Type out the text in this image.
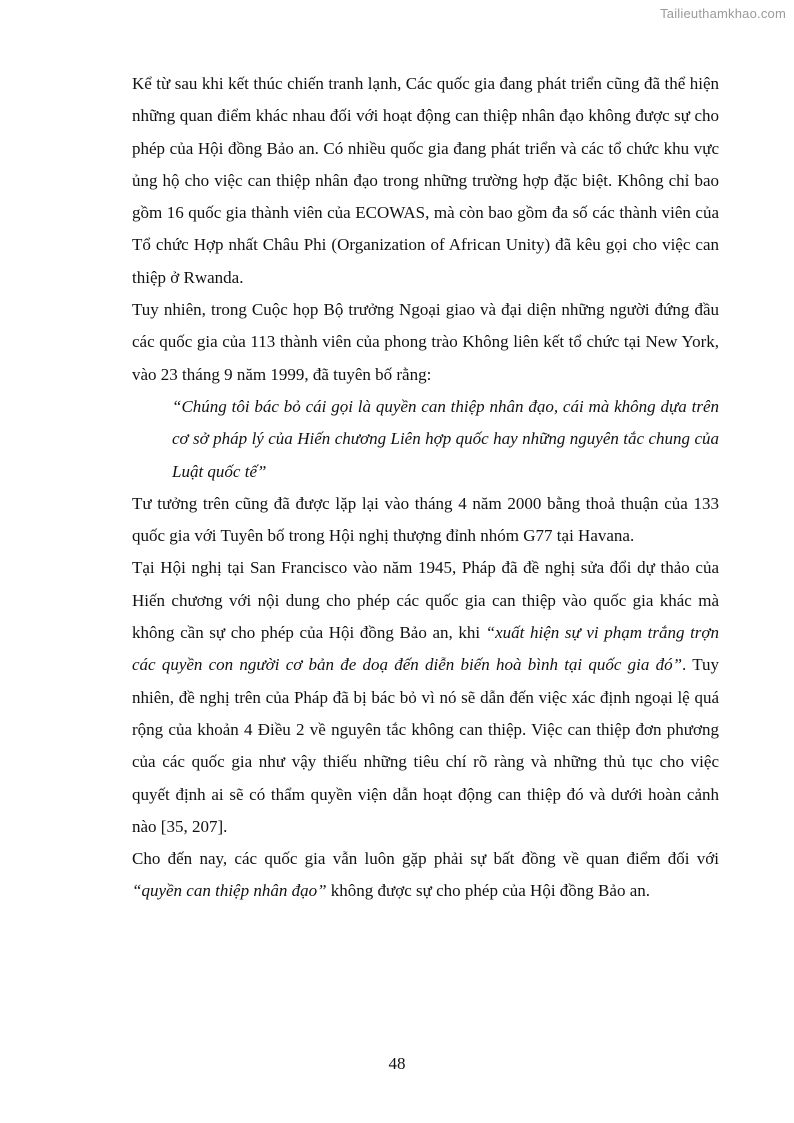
Tailieuthamkhao.com

Kể từ sau khi kết thúc chiến tranh lạnh, Các quốc gia đang phát triển cũng đã thể hiện những quan điểm khác nhau đối với hoạt động can thiệp nhân đạo không được sự cho phép của Hội đồng Bảo an. Có nhiều quốc gia đang phát triển và các tổ chức khu vực ủng hộ cho việc can thiệp nhân đạo trong những trường hợp đặc biệt. Không chỉ bao gồm 16 quốc gia thành viên của ECOWAS, mà còn bao gồm đa số các thành viên của Tổ chức Hợp nhất Châu Phi (Organization of African Unity) đã kêu gọi cho việc can thiệp ở Rwanda.

Tuy nhiên, trong Cuộc họp Bộ trưởng Ngoại giao và đại diện những người đứng đầu các quốc gia của 113 thành viên của phong trào Không liên kết tổ chức tại New York, vào 23 tháng 9 năm 1999, đã tuyên bố rằng:

“Chúng tôi bác bỏ cái gọi là quyền can thiệp nhân đạo, cái mà không dựa trên cơ sở pháp lý của Hiến chương Liên hợp quốc hay những nguyên tắc chung của Luật quốc tế”

Tư tưởng trên cũng đã được lặp lại vào tháng 4 năm 2000 bằng thoả thuận của 133 quốc gia với Tuyên bố trong Hội nghị thượng đỉnh nhóm G77 tại Havana.

Tại Hội nghị tại San Francisco vào năm 1945, Pháp đã đề nghị sửa đổi dự thảo của Hiến chương với nội dung cho phép các quốc gia can thiệp vào quốc gia khác mà không cần sự cho phép của Hội đồng Bảo an, khi “xuất hiện sự vi phạm trắng trợn các quyền con người cơ bản đe doạ đến diễn biến hoà bình tại quốc gia đó”. Tuy nhiên, đề nghị trên của Pháp đã bị bác bỏ vì nó sẽ dẫn đến việc xác định ngoại lệ quá rộng của khoản 4 Điều 2 về nguyên tắc không can thiệp. Việc can thiệp đơn phương của các quốc gia như vậy thiếu những tiêu chí rõ ràng và những thủ tục cho việc quyết định ai sẽ có thẩm quyền viện dẫn hoạt động can thiệp đó và dưới hoàn cảnh nào [35, 207].

Cho đến nay, các quốc gia vẫn luôn gặp phải sự bất đồng về quan điểm đối với “quyền can thiệp nhân đạo” không được sự cho phép của Hội đồng Bảo an.

48
